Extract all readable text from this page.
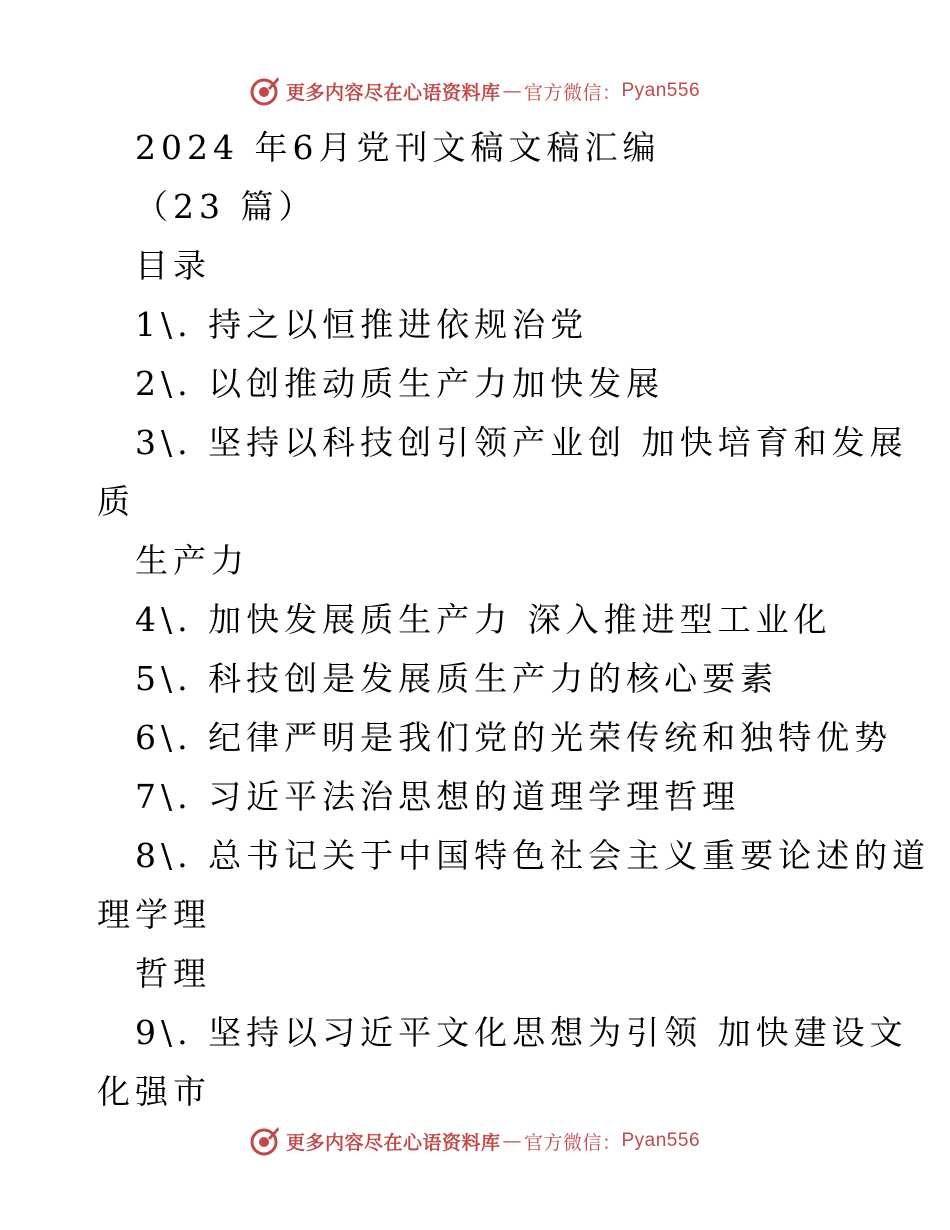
更多内容尽在心语资料库 — 官方微信： Pyan556
2024 年6月党刊文稿文稿汇编
（23 篇）
目录
1\. 持之以恒推进依规治党
2\. 以创推动质生产力加快发展
3\. 坚持以科技创引领产业创 加快培育和发展
质
生产力
4\. 加快发展质生产力 深入推进型工业化
5\. 科技创是发展质生产力的核心要素
6\. 纪律严明是我们党的光荣传统和独特优势
7\. 习近平法治思想的道理学理哲理
8\. 总书记关于中国特色社会主义重要论述的道
理学理
哲理
9\. 坚持以习近平文化思想为引领 加快建设文
化强市
更多内容尽在心语资料库 — 官方微信： Pyan556
